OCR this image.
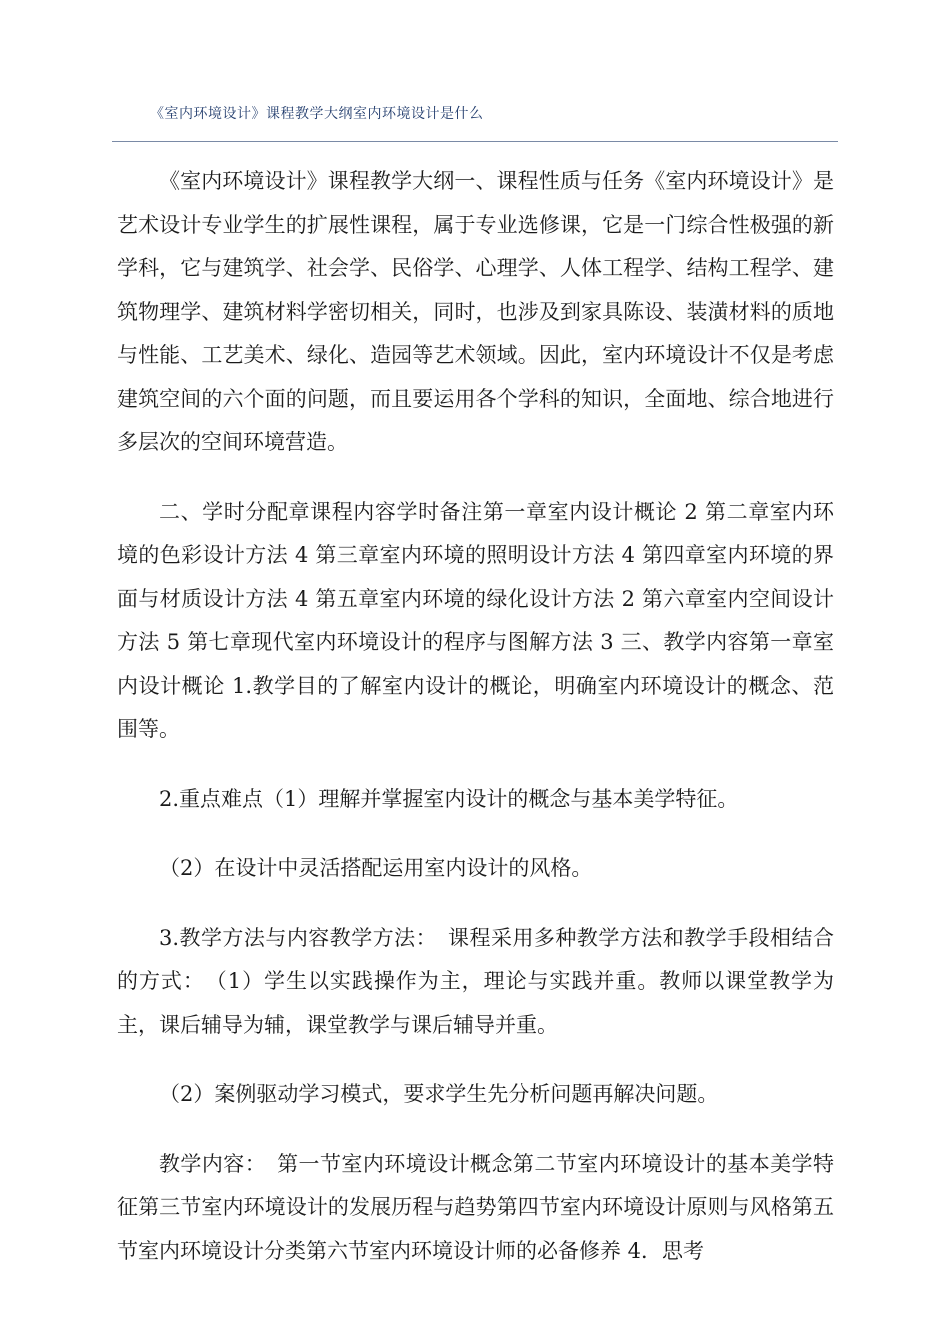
《室内环境设计》课程教学大纲室内环境设计是什么

《室内环境设计》课程教学大纲一、课程性质与任务《室内环境设计》是艺术设计专业学生的扩展性课程，属于专业选修课，它是一门综合性极强的新学科，它与建筑学、社会学、民俗学、心理学、人体工程学、结构工程学、建筑物理学、建筑材料学密切相关，同时，也涉及到家具陈设、装潢材料的质地与性能、工艺美术、绿化、造园等艺术领域。因此，室内环境设计不仅是考虑建筑空间的六个面的问题，而且要运用各个学科的知识，全面地、综合地进行多层次的空间环境营造。

二、学时分配章课程内容学时备注第一章室内设计概论 2 第二章室内环境的色彩设计方法 4 第三章室内环境的照明设计方法 4 第四章室内环境的界面与材质设计方法 4 第五章室内环境的绿化设计方法 2 第六章室内空间设计方法 5 第七章现代室内环境设计的程序与图解方法 3 三、教学内容第一章室内设计概论 1.教学目的了解室内设计的概论，明确室内环境设计的概念、范围等。

2.重点难点（1）理解并掌握室内设计的概念与基本美学特征。

（2）在设计中灵活搭配运用室内设计的风格。

3.教学方法与内容教学方法：　课程采用多种教学方法和教学手段相结合的方式：　（1）学生以实践操作为主，理论与实践并重。教师以课堂教学为主，课后辅导为辅，课堂教学与课后辅导并重。

（2）案例驱动学习模式，要求学生先分析问题再解决问题。

教学内容：　第一节室内环境设计概念第二节室内环境设计的基本美学特征第三节室内环境设计的发展历程与趋势第四节室内环境设计原则与风格第五节室内环境设计分类第六节室内环境设计师的必备修养 4．思考
